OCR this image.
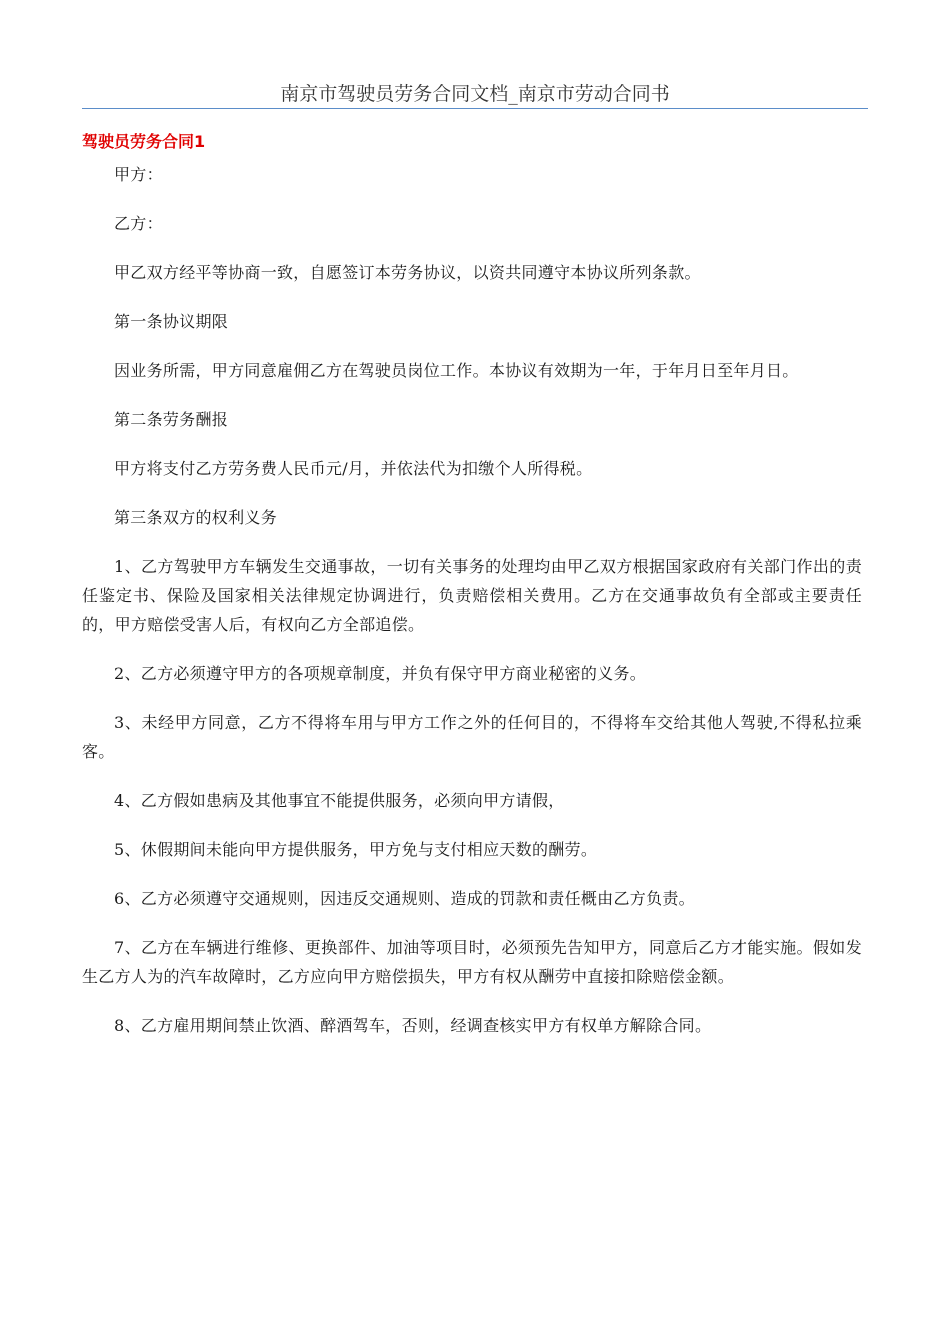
南京市驾驶员劳务合同文档_南京市劳动合同书
驾驶员劳务合同1

甲方：

乙方：

甲乙双方经平等协商一致，自愿签订本劳务协议，以资共同遵守本协议所列条款。

第一条协议期限

因业务所需，甲方同意雇佣乙方在驾驶员岗位工作。本协议有效期为一年，于年月日至年月日。

第二条劳务酬报

甲方将支付乙方劳务费人民币元/月，并依法代为扣缴个人所得税。

第三条双方的权利义务

1、乙方驾驶甲方车辆发生交通事故，一切有关事务的处理均由甲乙双方根据国家政府有关部门作出的责任鉴定书、保险及国家相关法律规定协调进行，负责赔偿相关费用。乙方在交通事故负有全部或主要责任的，甲方赔偿受害人后，有权向乙方全部追偿。

2、乙方必须遵守甲方的各项规章制度，并负有保守甲方商业秘密的义务。

3、未经甲方同意，乙方不得将车用与甲方工作之外的任何目的，不得将车交给其他人驾驶,不得私拉乘客。

4、乙方假如患病及其他事宜不能提供服务，必须向甲方请假，

5、休假期间未能向甲方提供服务，甲方免与支付相应天数的酬劳。

6、乙方必须遵守交通规则，因违反交通规则、造成的罚款和责任概由乙方负责。

7、乙方在车辆进行维修、更换部件、加油等项目时，必须预先告知甲方，同意后乙方才能实施。假如发生乙方人为的汽车故障时，乙方应向甲方赔偿损失，甲方有权从酬劳中直接扣除赔偿金额。

8、乙方雇用期间禁止饮酒、醉酒驾车，否则，经调查核实甲方有权单方解除合同。
